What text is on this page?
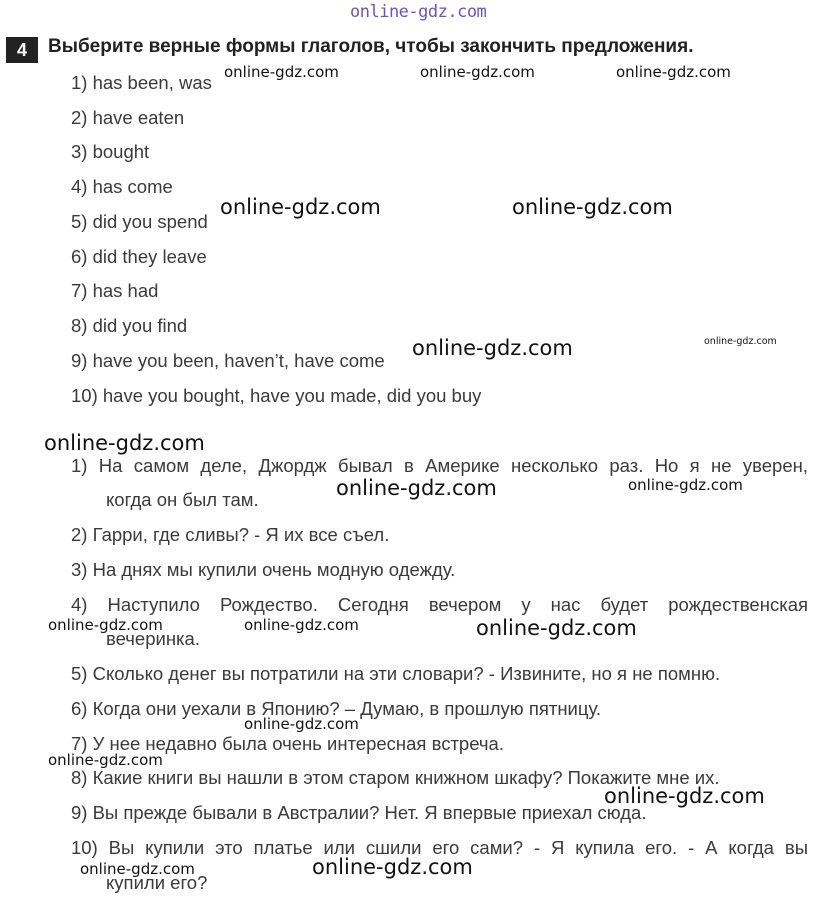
online-gdz.com
4	Выберите верные формы глаголов, чтобы закончить предложения.
1) has been, was
2) have eaten
3) bought
4) has come
5) did you spend
6) did they leave
7) has had
8) did you find
9) have you been, haven’t, have come
10) have you bought, have you made, did you buy
1) На самом деле, Джордж бывал в Америке несколько раз. Но я не уверен,
когда он был там.
2) Гарри, где сливы? - Я их все съел.
3) На днях мы купили очень модную одежду.
4) Наступило Рождество. Сегодня вечером у нас будет рождественская
вечеринка.
5) Сколько денег вы потратили на эти словари? - Извините, но я не помню.
6) Когда они уехали в Японию? – Думаю, в прошлую пятницу.
7) У нее недавно была очень интересная встреча.
8) Какие книги вы нашли в этом старом книжном шкафу? Покажите мне их.
9) Вы прежде бывали в Австралии? Нет. Я впервые приехал сюда.
10) Вы купили это платье или сшили его сами? - Я купила его. - А когда вы
купили его?
online-gdz.com	online-gdz.com	online-gdz.com
online-gdz.com	online-gdz.com
online-gdz.com	online-gdz.com
online-gdz.com
online-gdz.com	online-gdz.com
online-gdz.com	online-gdz.com	online-gdz.com
online-gdz.com
online-gdz.com
online-gdz.com
online-gdz.com	online-gdz.com
